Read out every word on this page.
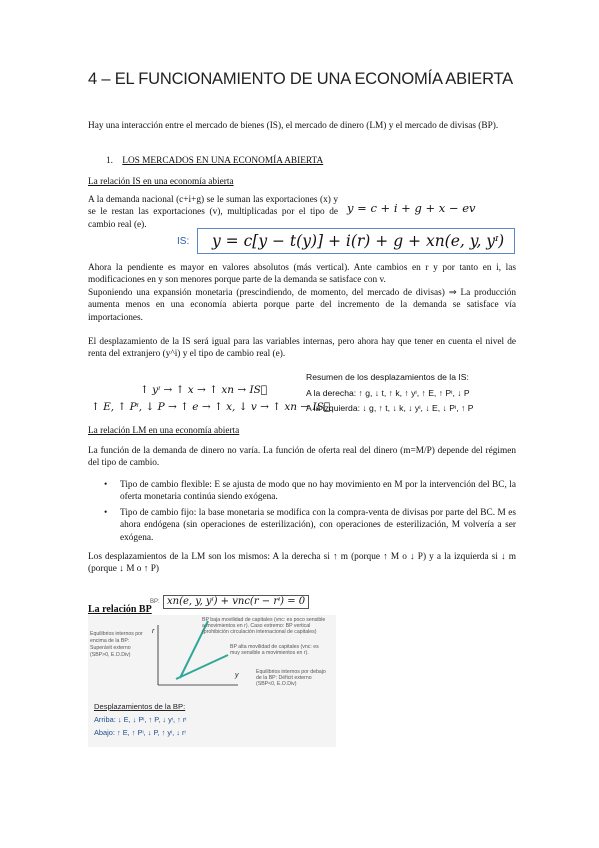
4 – EL FUNCIONAMIENTO DE UNA ECONOMÍA ABIERTA
Hay una interacción entre el mercado de bienes (IS), el mercado de dinero (LM) y el mercado de divisas (BP).
1. LOS MERCADOS EN UNA ECONOMÍA ABIERTA
La relación IS en una economía abierta
A la demanda nacional (c+i+g) se le suman las exportaciones (x) y se le restan las exportaciones (v), multiplicadas por el tipo de cambio real (e).
y = c + i + g + x − ev
IS:	y = c[y − t(y)] + i(r) + g + xn(e, y, yᶦ)
Ahora la pendiente es mayor en valores absolutos (más vertical). Ante cambios en r y por tanto en i, las modificaciones en y son menores porque parte de la demanda se satisface con v.
Suponiendo una expansión monetaria (prescindiendo, de momento, del mercado de divisas) ⇒ La producción aumenta menos en una economía abierta porque parte del incremento de la demanda se satisface vía importaciones.
El desplazamiento de la IS será igual para las variables internas, pero ahora hay que tener en cuenta el nivel de renta del extranjero (y^i) y el tipo de cambio real (e).
↑ yᶦ → ↑ x → ↑ xn → IS⃗
↑ E, ↑ Pᶦ, ↓ P → ↑ e → ↑ x, ↓ v → ↑ xn → IS⃗
Resumen de los desplazamientos de la IS:
A la derecha: ↑ g, ↓ t, ↑ k, ↑ yᶦ, ↑ E, ↑ Pᶦ, ↓ P
A la izquierda: ↓ g, ↑ t, ↓ k, ↓ yᶦ, ↓ E, ↓ Pᶦ, ↑ P
La relación LM en una economía abierta
La función de la demanda de dinero no varía. La función de oferta real del dinero (m=M/P) depende del régimen del tipo de cambio.
• Tipo de cambio flexible: E se ajusta de modo que no hay movimiento en M por la intervención del BC, la oferta monetaria continúa siendo exógena.
• Tipo de cambio fijo: la base monetaria se modifica con la compra-venta de divisas por parte del BC. M es ahora endógena (sin operaciones de esterilización), con operaciones de esterilización, M volvería a ser exógena.
Los desplazamientos de la LM son los mismos: A la derecha si ↑ m (porque ↑ M o ↓ P) y a la izquierda si ↓ m (porque ↓ M o ↑ P)
La relación BP
BP: xn(e, y, yᶦ) + vnc(r − rᶦ) = 0
r
y
Equilibrios internos por
encima de la BP:
Superávit externo
(SBP>0, E.O.Div)
BP baja movilidad de capitales (vnc: es poco sensible
a movimientos en r). Caso extremo: BP vertical
(prohibición circulación internacional de capitales)
BP alta movilidad de capitales (vnc: es
muy sensible a movimientos en r).
Equilibrios internos por debajo
de la BP: Déficit externo
(SBP<0, E.O.Div)
Desplazamientos de la BP:
Arriba: ↓ E, ↓ Pᶦ, ↑ P, ↓ yᶦ, ↑ rᶦ
Abajo: ↑ E, ↑ Pᶦ, ↓ P, ↑ yᶦ, ↓ rᶦ
